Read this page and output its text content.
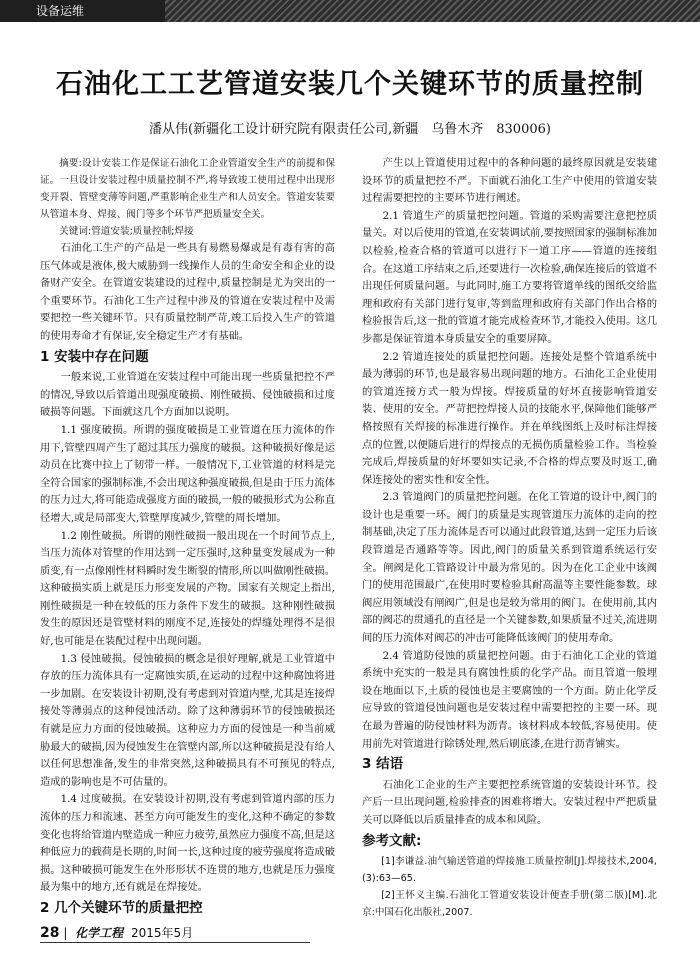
设备运维
石油化工工艺管道安装几个关键环节的质量控制
潘从伟(新疆化工设计研究院有限责任公司,新疆　乌鲁木齐　830006)

摘要:设计安装工作是保证石油化工企业管道安全生产的前提和保证。一旦设计安装过程中质量控制不严,将导致竣工使用过程中出现形变开裂、管壁变薄等问题,严重影响企业生产和人员安全。管道安装要从管道本身、焊接、阀门等多个环节严把质量安全关。

关键词:管道安装;质量控制;焊接

石油化工生产的产品是一些具有易燃易爆或是有毒有害的高压气体或是液体,极大威胁到一线操作人员的生命安全和企业的设备财产安全。在管道安装建设的过程中,质量控制是尤为突出的一个重要环节。石油化工生产过程中涉及的管道在安装过程中及需要把控一些关键环节。只有质量控制严苛,竣工后投入生产的管道的使用寿命才有保证,安全稳定生产才有基础。

1 安装中存在问题

一般来说,工业管道在安装过程中可能出现一些质量把控不严的情况,导致以后管道出现强度破损、刚性破损、侵蚀破损和过度破损等问题。下面就这几个方面加以说明。

1.1 强度破损。所谓的强度破损是工业管道在压力流体的作用下,管壁四周产生了超过其压力强度的破损。这种破损好像是运动员在比赛中拉上了韧带一样。一般情况下,工业管道的材料是完全符合国家的强制标准,不会出现这种强度破损,但是由于压力流体的压力过大,将可能造成强度方面的破损,一般的破损形式为公称直径增大,或是局部变大,管壁厚度减少,管壁的周长增加。

1.2 刚性破损。所谓的刚性破损一般出现在一个时间节点上,当压力流体对管壁的作用达到一定压强时,这种量变发展成为一种质变,有一点像刚性材料瞬时发生断裂的情形,所以叫做刚性破损。这种破损实质上就是压力形变发展的产物。国家有关规定上指出,刚性破损是一种在较低的压力条件下发生的破损。这种刚性破损发生的原因还是管壁材料的刚度不足,连接处的焊缝处理得不是很好,也可能是在装配过程中出现问题。

1.3 侵蚀破损。侵蚀破损的概念是很好理解,就是工业管道中存放的压力流体具有一定腐蚀实质,在运动的过程中这种腐蚀将进一步加剧。在安装设计初期,没有考虑到对管道内壁,尤其是连接焊接处等薄弱点的这种侵蚀活动。除了这种薄弱环节的侵蚀破损还有就是应力方面的侵蚀破损。这种应力方面的侵蚀是一种当前威胁最大的破损,因为侵蚀发生在管壁内部,所以这种破损是没有给人以任何思想准备,发生的非常突然,这种破损具有不可预见的特点,造成的影响也是不可估量的。

1.4 过度破损。在安装设计初期,没有考虑到管道内部的压力流体的压力和流速、甚至方向可能发生的变化,这种不确定的参数变化也将给管道内壁造成一种应力疲劳,虽然应力强度不高,但是这种低应力的载荷是长期的,时间一长,这种过度的疲劳强度将造成破损。这种破损可能发生在外形形状不连贯的地方,也就是压力强度最为集中的地方,还有就是在焊接处。

2 几个关键环节的质量把控

产生以上管道使用过程中的各种问题的最终原因就是安装建设环节的质量把控不严。下面就石油化工生产中使用的管道安装过程需要把控的主要环节进行阐述。

2.1 管道生产的质量把控问题。管道的采购需要注意把控质量关。对以后使用的管道,在安装调试前,要按照国家的强制标准加以检验,检查合格的管道可以进行下一道工序——管道的连接组合。在这道工序结束之后,还要进行一次检验,确保连接后的管道不出现任何质量问题。与此同时,施工方要将管道单线的图纸交给监理和政府有关部门进行复审,等到监理和政府有关部门作出合格的检验报告后,这一批的管道才能完成检查环节,才能投入使用。这几步都是保证管道本身质量安全的重要屏障。

2.2 管道连接处的质量把控问题。连接处是整个管道系统中最为薄弱的环节,也是最容易出现问题的地方。石油化工企业使用的管道连接方式一般为焊接。焊接质量的好坏直接影响管道安装、使用的安全。严苛把控焊接人员的技能水平,保障他们能够严格按照有关焊接的标准进行操作。并在单线图纸上及时标注焊接点的位置,以便随后进行的焊接点的无损伤质量检验工作。当检验完成后,焊接质量的好坏要如实记录,不合格的焊点要及时返工,确保连接处的密实性和安全性。

2.3 管道阀门的质量把控问题。在化工管道的设计中,阀门的设计也是重要一环。阀门的质量是实现管道压力流体的走向的控制基础,决定了压力流体是否可以通过此段管道,达到一定压力后该段管道是否通路等等。因此,阀门的质量关系到管道系统运行安全。闸阀是化工管路设计中最为常见的。因为在化工企业中该阀门的使用范围最广,在使用时要检验其耐高温等主要性能参数。球阀应用领域没有闸阀广,但是也是较为常用的阀门。在使用前,其内部的阀芯的贯通孔的直径是一个关键参数,如果质量不过关,流进期间的压力流体对阀芯的冲击可能降低该阀门的使用寿命。

2.4 管道防侵蚀的质量把控问题。由于石油化工企业的管道系统中充实的一般是具有腐蚀性质的化学产品。而且管道一般埋设在地面以下,土质的侵蚀也是主要腐蚀的一个方面。防止化学反应导致的管道侵蚀问题也是安装过程中需要把控的主要一环。现在最为普遍的防侵蚀材料为沥青。该材料成本较低,容易使用。使用前先对管道进行除锈处理,然后刷底漆,在进行沥青铺实。

3 结语

石油化工企业的生产主要把控系统管道的安装设计环节。投产后一旦出现问题,检验排查的困难将增大。安装过程中严把质量关可以降低以后质量排查的成本和风险。

参考文献:

[1]李谦益.油气输送管道的焊接施工质量控制[J].焊接技术,2004,(3):63—65.

[2]王怀义主编.石油化工管道安装设计便查手册(第二版)[M].北京:中国石化出版社,2007.

28 | 化学工程 2015年5月
